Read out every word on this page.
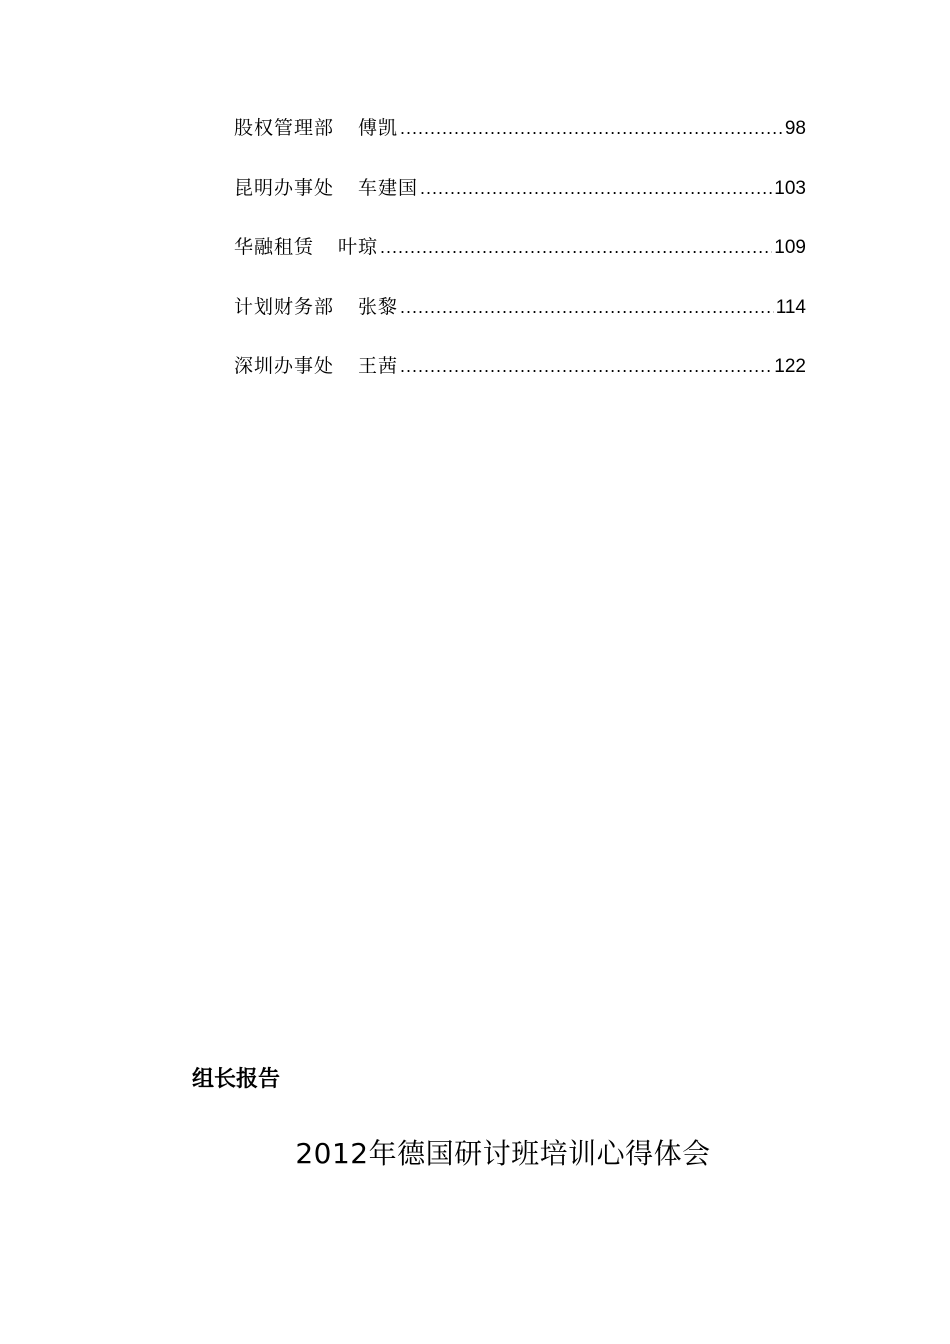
股权管理部 傅凯 .....	98
昆明办事处 车建国 .....	103
华融租赁 叶琼 .....	109
计划财务部 张黎 .....	114
深圳办事处 王茜 .....	122
组长报告
2012年德国研讨班培训心得体会
